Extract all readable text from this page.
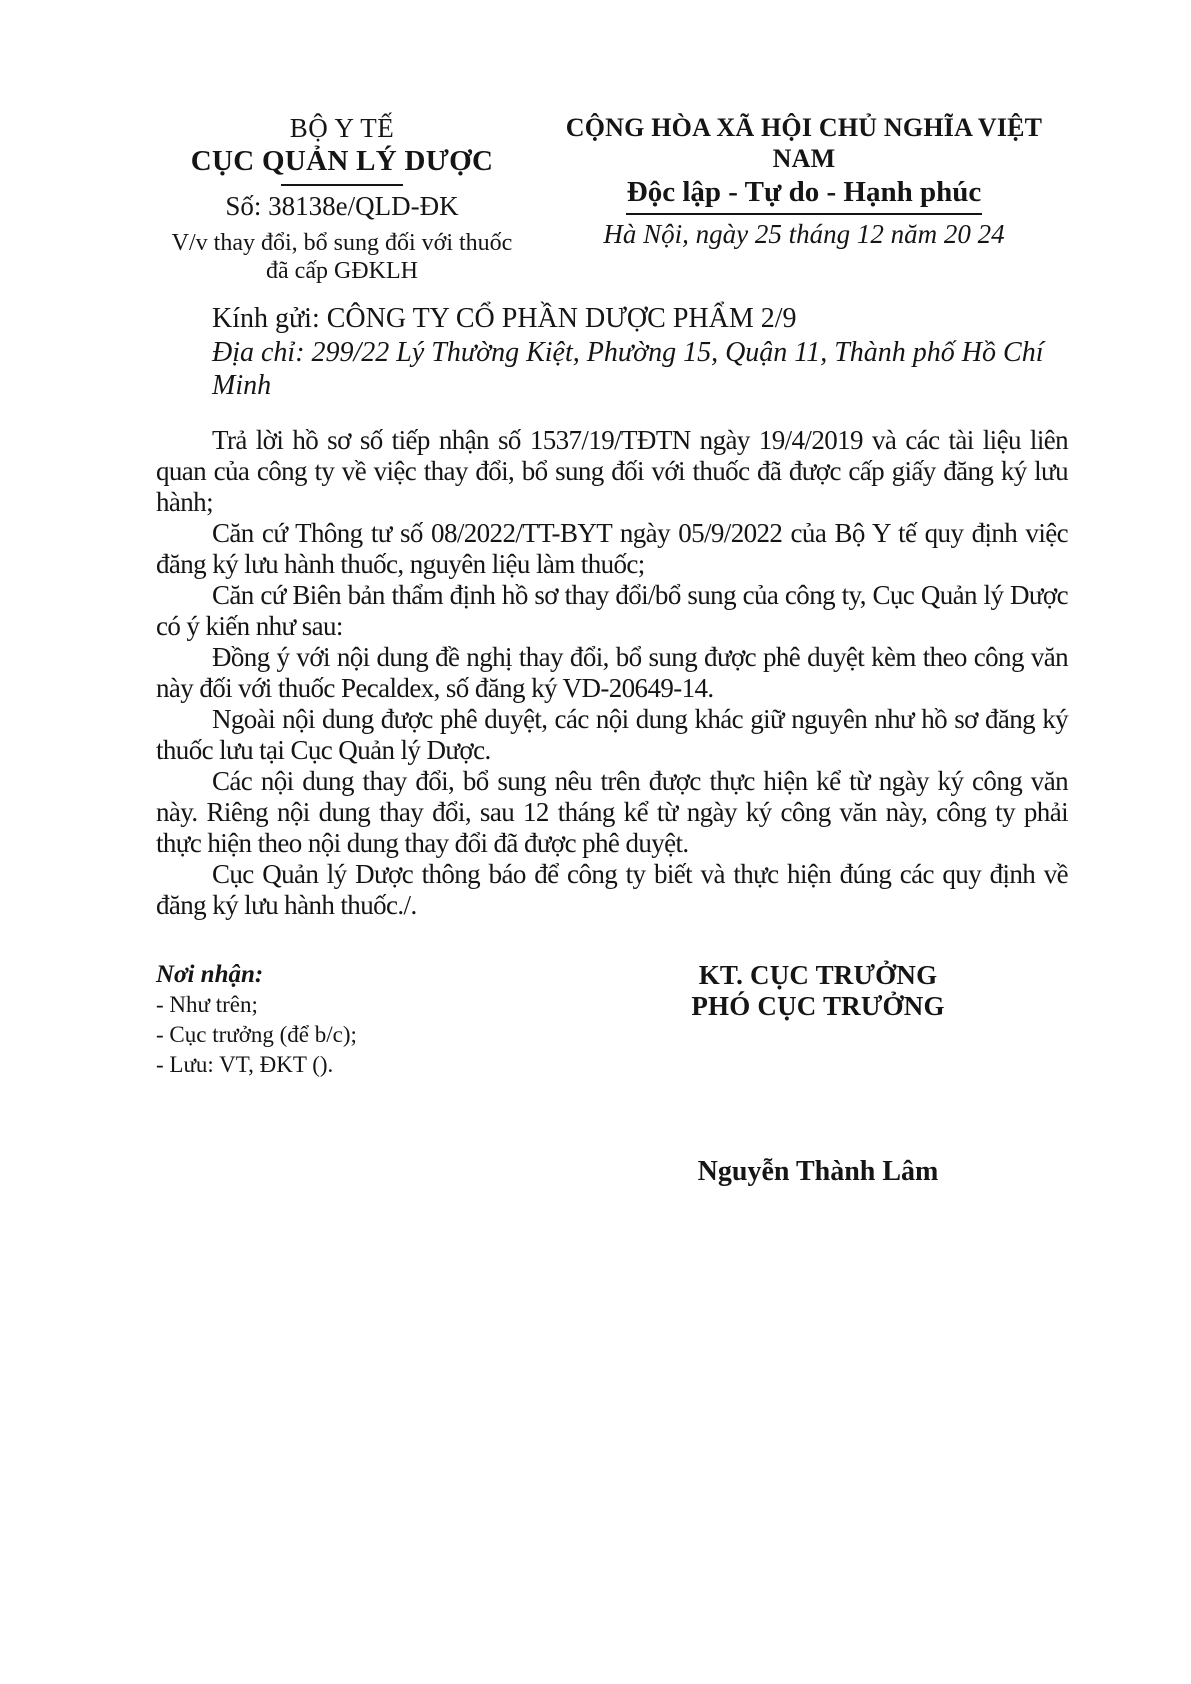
BỘ Y TẾ
CỤC QUẢN LÝ DƯỢC
Số: 38138e/QLD-ĐK
V/v thay đổi, bổ sung đối với thuốc
đã cấp GĐKLH
CỘNG HÒA XÃ HỘI CHỦ NGHĨA VIỆT NAM
Độc lập - Tự do - Hạnh phúc
Hà Nội, ngày 25 tháng 12 năm 20 24
Kính gửi: CÔNG TY CỔ PHẦN DƯỢC PHẨM 2/9
Địa chỉ: 299/22 Lý Thường Kiệt, Phường 15, Quận 11, Thành phố Hồ Chí Minh

Trả lời hồ sơ số tiếp nhận số 1537/19/TĐTN ngày 19/4/2019 và các tài liệu liên quan của công ty về việc thay đổi, bổ sung đối với thuốc đã được cấp giấy đăng ký lưu hành;

Căn cứ Thông tư số 08/2022/TT-BYT ngày 05/9/2022 của Bộ Y tế quy định việc đăng ký lưu hành thuốc, nguyên liệu làm thuốc;

Căn cứ Biên bản thẩm định hồ sơ thay đổi/bổ sung của công ty, Cục Quản lý Dược có ý kiến như sau:

Đồng ý với nội dung đề nghị thay đổi, bổ sung được phê duyệt kèm theo công văn này đối với thuốc Pecaldex, số đăng ký VD-20649-14.

Ngoài nội dung được phê duyệt, các nội dung khác giữ nguyên như hồ sơ đăng ký thuốc lưu tại Cục Quản lý Dược.

Các nội dung thay đổi, bổ sung nêu trên được thực hiện kể từ ngày ký công văn này. Riêng nội dung thay đổi, sau 12 tháng kể từ ngày ký công văn này, công ty phải thực hiện theo nội dung thay đổi đã được phê duyệt.

Cục Quản lý Dược thông báo để công ty biết và thực hiện đúng các quy định về đăng ký lưu hành thuốc./.

Nơi nhận:
- Như trên;
- Cục trưởng (để b/c);
- Lưu: VT, ĐKT ().
KT. CỤC TRƯỞNG
PHÓ CỤC TRƯỞNG
Nguyễn Thành Lâm
